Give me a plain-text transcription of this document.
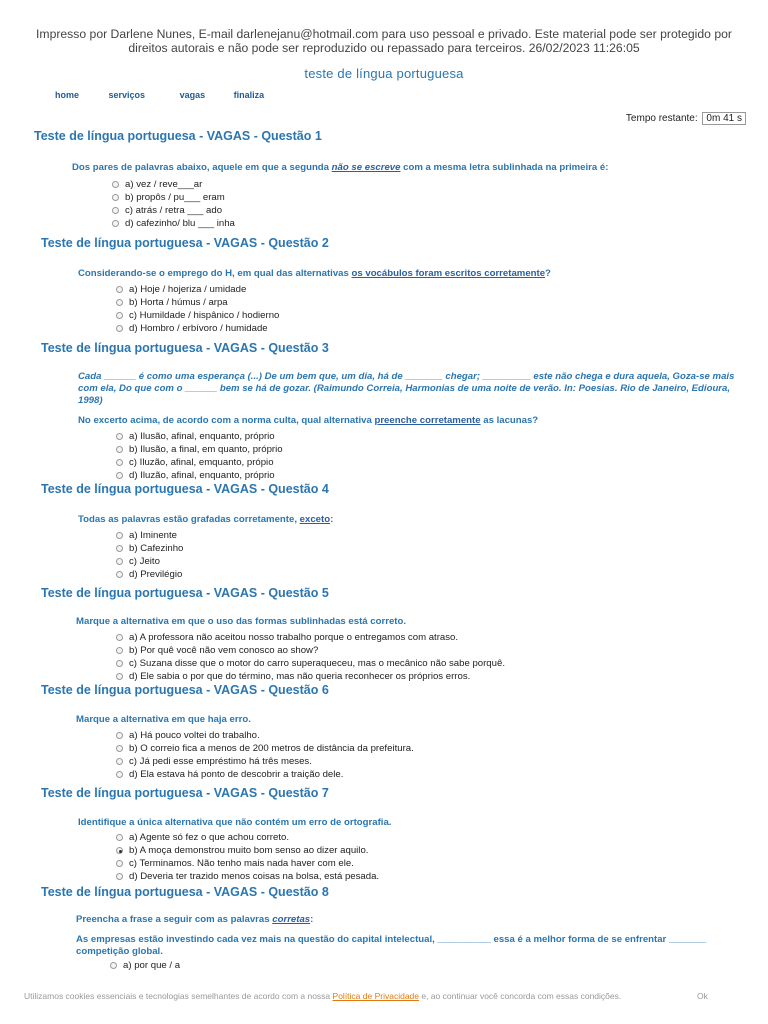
Impresso por Darlene Nunes, E-mail darlenejanu@hotmail.com para uso pessoal e privado. Este material pode ser protegido por
direitos autorais e não pode ser reproduzido ou repassado para terceiros. 26/02/2023 11:26:05
teste de língua portuguesa
home	serviços	vagas	finaliza
Tempo restante: 0m 41 s
Teste de língua portuguesa - VAGAS - Questão 1
Dos pares de palavras abaixo, aquele em que a segunda não se escreve com a mesma letra sublinhada na primeira é:
a) vez / reve___ar
b) propôs / pu___ eram
c) atrás / retra ___ ado
d) cafezinho/ blu ___ inha
Teste de língua portuguesa - VAGAS - Questão 2
Considerando-se o emprego do H, em qual das alternativas os vocábulos foram escritos corretamente?
a) Hoje / hojeriza / umidade
b) Horta / húmus / arpa
c) Humildade / hispânico / hodierno
d) Hombro / erbívoro / humidade
Teste de língua portuguesa - VAGAS - Questão 3
Cada ______ é como uma esperança (...) De um bem que, um dia, há de _______ chegar; _________ este não chega e dura aquela, Goza-se mais com ela, Do que com o ______ bem se há de gozar. (Raimundo Correia, Harmonias de uma noite de verão. In: Poesias. Rio de Janeiro, Edioura, 1998)
No excerto acima, de acordo com a norma culta, qual alternativa preenche corretamente as lacunas?
a) Ilusão, afinal, enquanto, próprio
b) Ilusão, a final, em quanto, próprio
c) Iluzão, afinal, emquanto, própio
d) Iluzão, afinal, enquanto, próprio
Teste de língua portuguesa - VAGAS - Questão 4
Todas as palavras estão grafadas corretamente, exceto:
a) Iminente
b) Cafezinho
c) Jeito
d) Previlégio
Teste de língua portuguesa - VAGAS - Questão 5
Marque a alternativa em que o uso das formas sublinhadas está correto.
a) A professora não aceitou nosso trabalho porque o entregamos com atraso.
b) Por quê você não vem conosco ao show?
c) Suzana disse que o motor do carro superaqueceu, mas o mecânico não sabe porquê.
d) Ele sabia o por que do término, mas não queria reconhecer os próprios erros.
Teste de língua portuguesa - VAGAS - Questão 6
Marque a alternativa em que haja erro.
a) Há pouco voltei do trabalho.
b) O correio fica a menos de 200 metros de distância da prefeitura.
c) Já pedi esse empréstimo há três meses.
d) Ela estava há ponto de descobrir a traição dele.
Teste de língua portuguesa - VAGAS - Questão 7
Identifique a única alternativa que não contém um erro de ortografia.
a) Agente só fez o que achou correto.
b) A moça demonstrou muito bom senso ao dizer aquilo.
c) Terminamos. Não tenho mais nada haver com ele.
d) Deveria ter trazido menos coisas na bolsa, está pesada.
Teste de língua portuguesa - VAGAS - Questão 8
Preencha a frase a seguir com as palavras corretas:
As empresas estão investindo cada vez mais na questão do capital intelectual, __________ essa é a melhor forma de se enfrentar _______ competição global.
a) por que / a
Utilizamos cookies essenciais e tecnologias semelhantes de acordo com a nossa Política de Privacidade e, ao continuar você concorda com essas condições.	Ok
